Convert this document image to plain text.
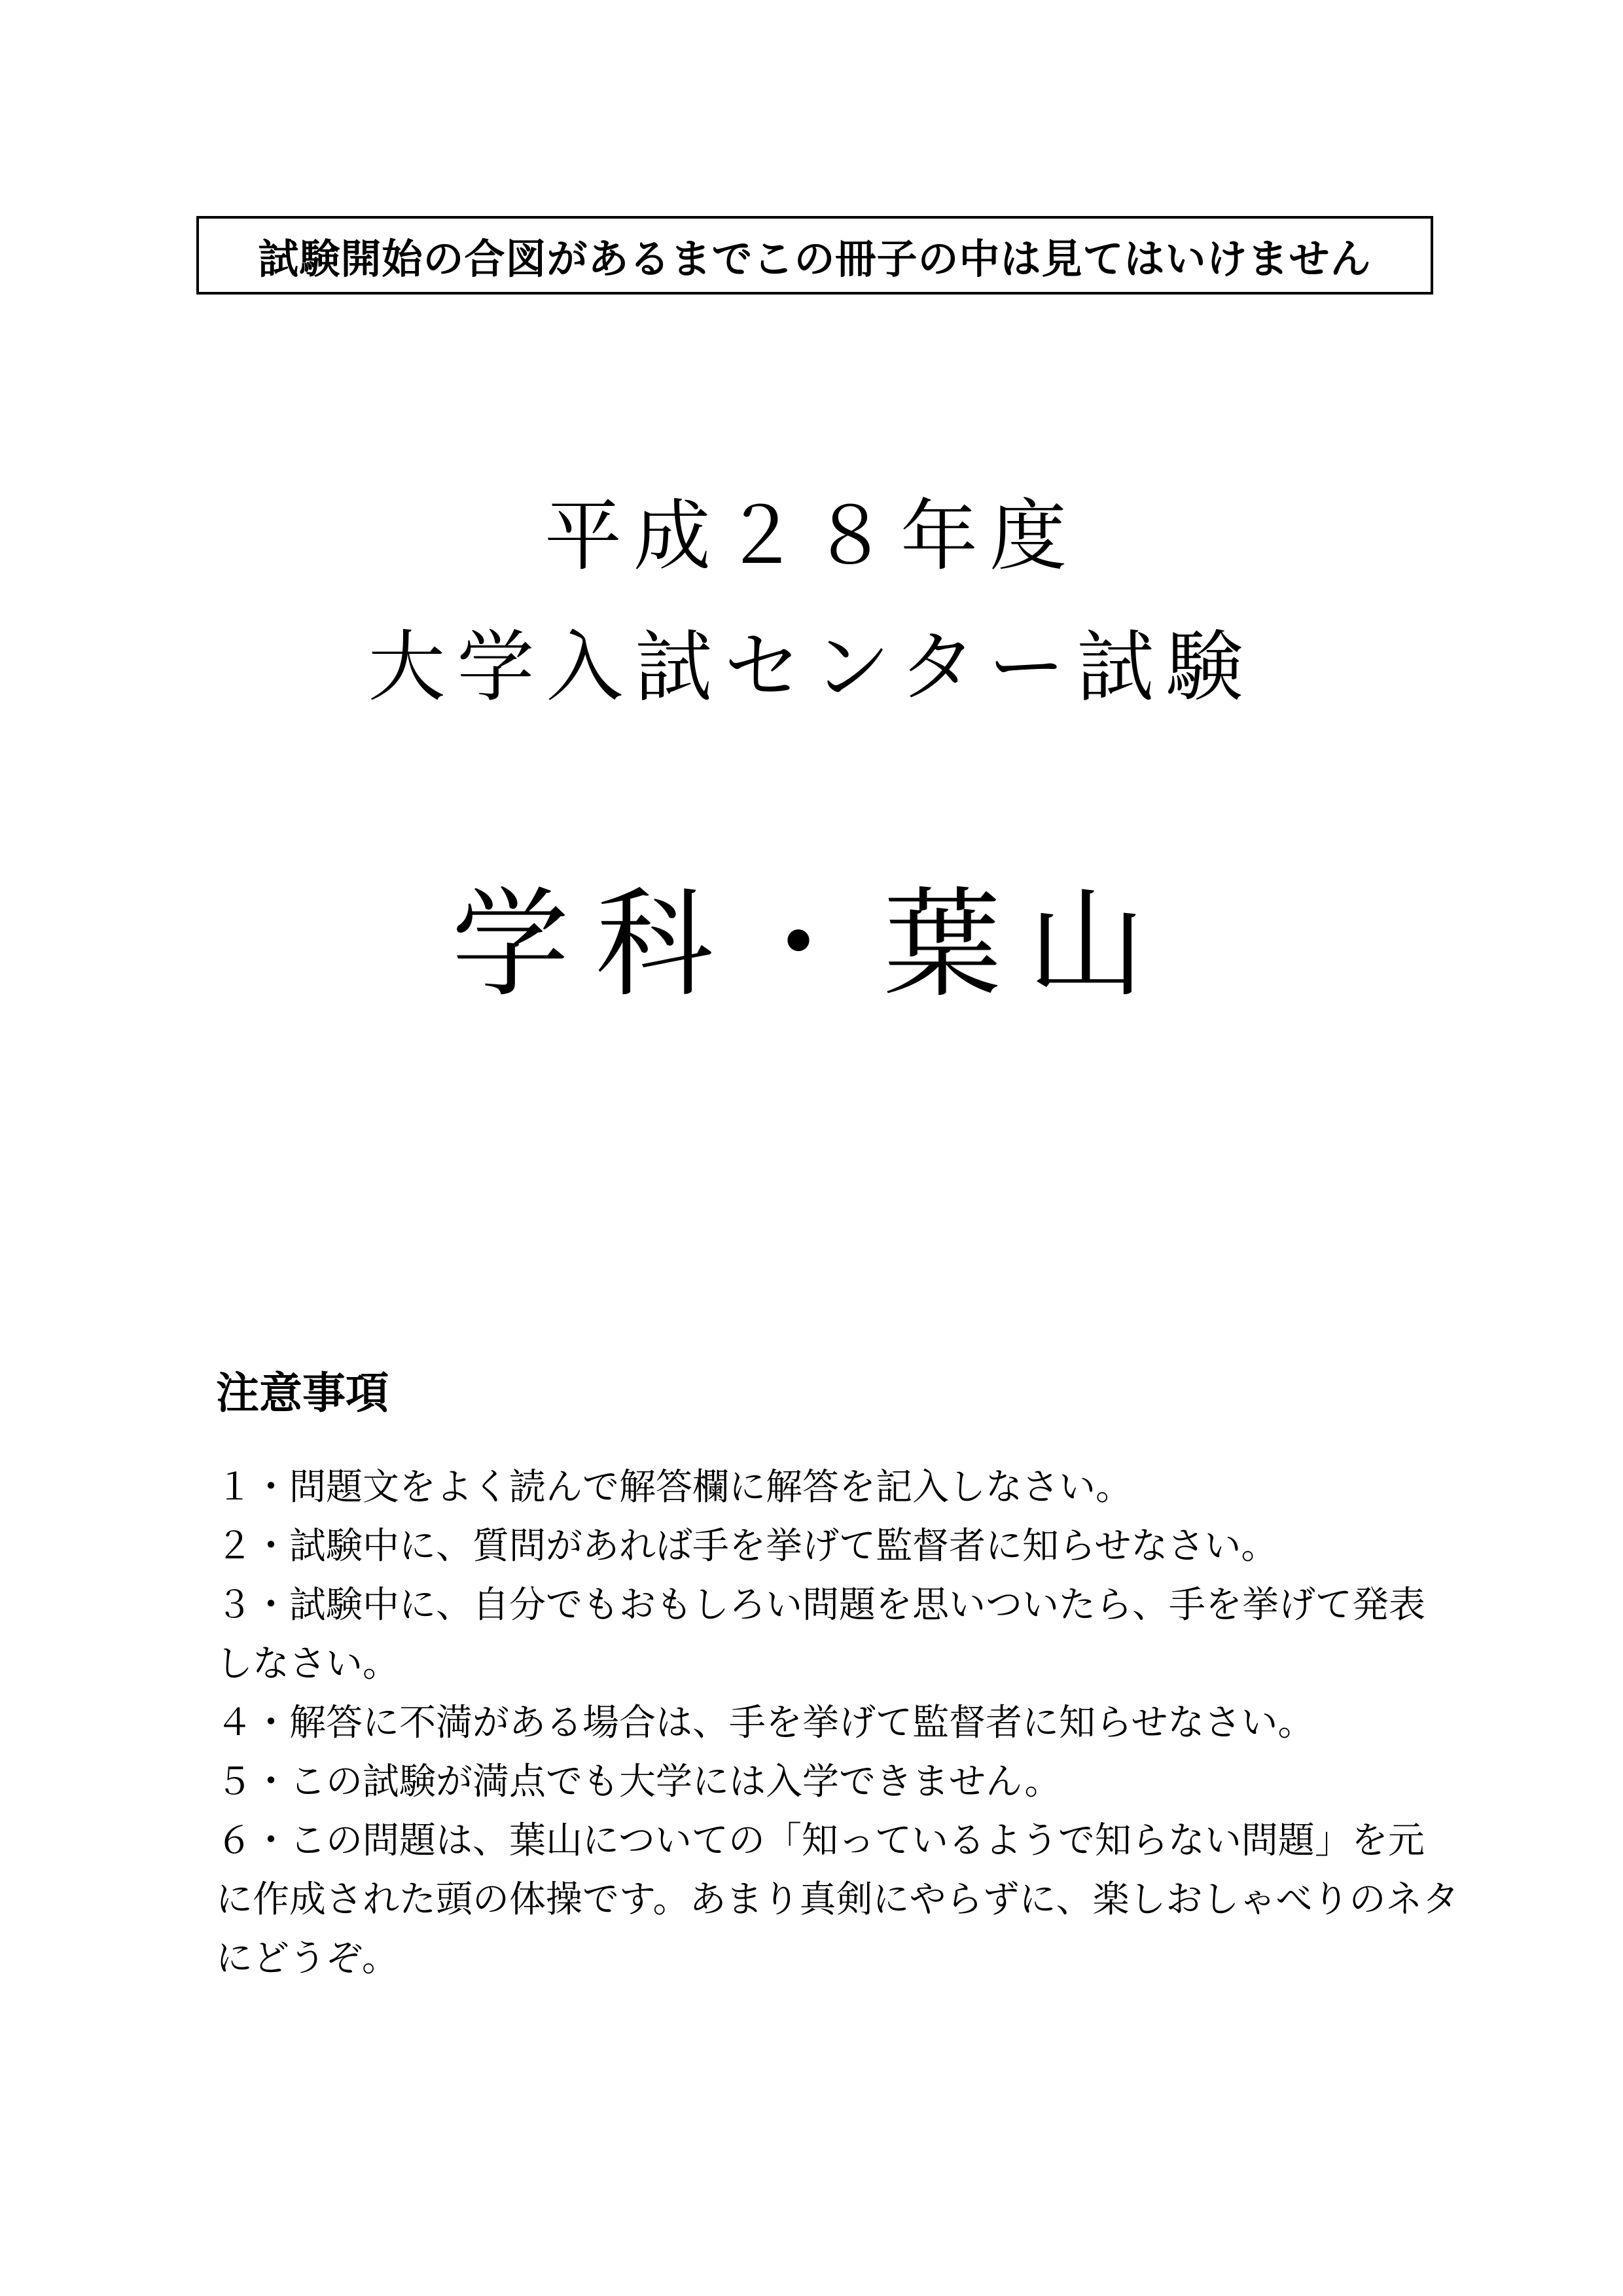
試験開始の合図があるまでこの冊子の中は見てはいけません
平成２８年度
大学入試センター試験
学科・葉山
注意事項
１・問題文をよく読んで解答欄に解答を記入しなさい。
２・試験中に、質問があれば手を挙げて監督者に知らせなさい。
３・試験中に、自分でもおもしろい問題を思いついたら、手を挙げて発表しなさい。
４・解答に不満がある場合は、手を挙げて監督者に知らせなさい。
５・この試験が満点でも大学には入学できません。
６・この問題は、葉山についての「知っているようで知らない問題」を元に作成された頭の体操です。あまり真剣にやらずに、楽しおしゃべりのネタにどうぞ。
